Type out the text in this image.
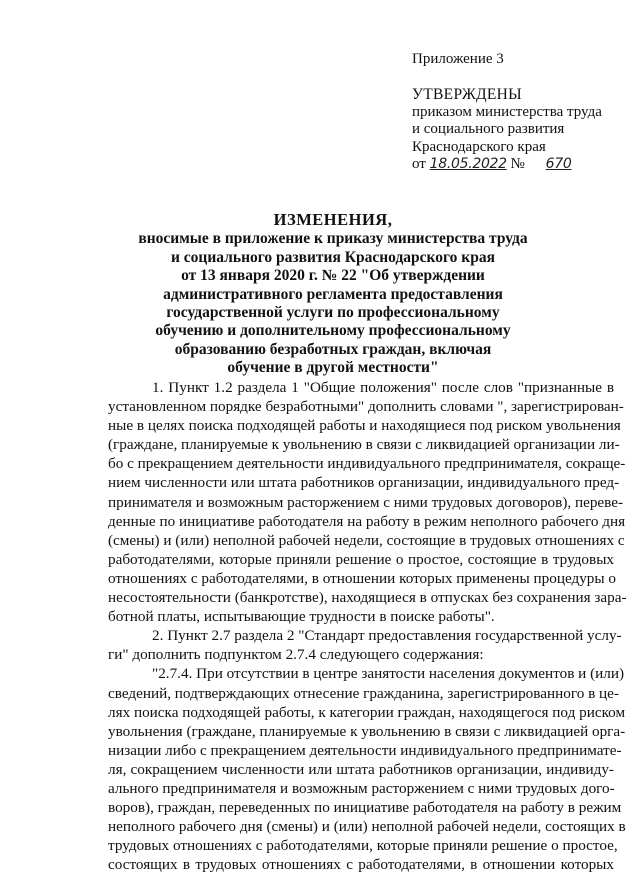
Приложение 3
УТВЕРЖДЕНЫ
приказом министерства труда
и социального развития
Краснодарского края
от 18.05.2022 № 670
ИЗМЕНЕНИЯ,
вносимые в приложение к приказу министерства труда
и социального развития Краснодарского края
от 13 января 2020 г. № 22 "Об утверждении
административного регламента предоставления
государственной услуги по профессиональному
обучению и дополнительному профессиональному
образованию безработных граждан, включая
обучение в другой местности"
1. Пункт 1.2 раздела 1 "Общие положения" после слов "признанные в
установленном порядке безработными" дополнить словами ", зарегистрирован-
ные в целях поиска подходящей работы и находящиеся под риском увольнения
(граждане, планируемые к увольнению в связи с ликвидацией организации ли-
бо с прекращением деятельности индивидуального предпринимателя, сокраще-
нием численности или штата работников организации, индивидуального пред-
принимателя и возможным расторжением с ними трудовых договоров), переве-
денные по инициативе работодателя на работу в режим неполного рабочего дня
(смены) и (или) неполной рабочей недели, состоящие в трудовых отношениях с
работодателями, которые приняли решение о простое, состоящие в трудовых
отношениях с работодателями, в отношении которых применены процедуры о
несостоятельности (банкротстве), находящиеся в отпусках без сохранения зара-
ботной платы, испытывающие трудности в поиске работы".
2. Пункт 2.7 раздела 2 "Стандарт предоставления государственной услу-
ги" дополнить подпунктом 2.7.4 следующего содержания:
"2.7.4. При отсутствии в центре занятости населения документов и (или)
сведений, подтверждающих отнесение гражданина, зарегистрированного в це-
лях поиска подходящей работы, к категории граждан, находящегося под риском
увольнения (граждане, планируемые к увольнению в связи с ликвидацией орга-
низации либо с прекращением деятельности индивидуального предпринимате-
ля, сокращением численности или штата работников организации, индивиду-
ального предпринимателя и возможным расторжением с ними трудовых дого-
воров), граждан, переведенных по инициативе работодателя на работу в режим
неполного рабочего дня (смены) и (или) неполной рабочей недели, состоящих в
трудовых отношениях с работодателями, которые приняли решение о простое,
состоящих в трудовых отношениях с работодателями, в отношении которых
